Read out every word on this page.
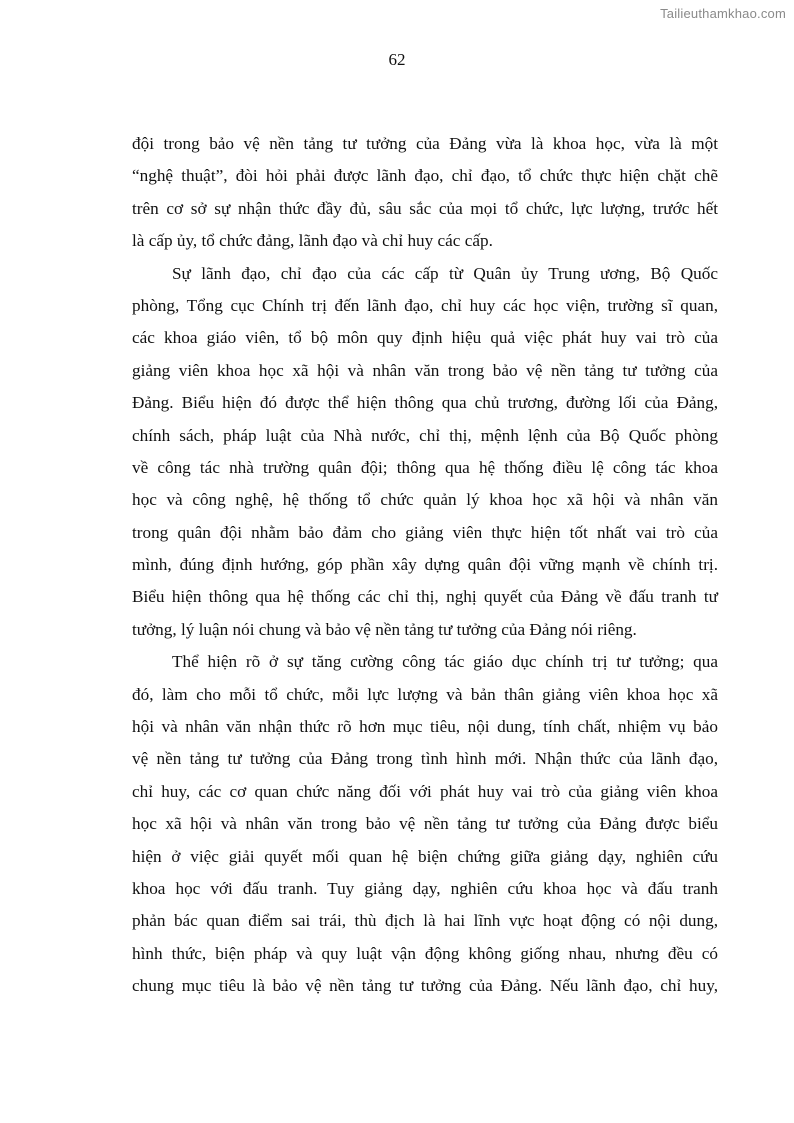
Tailieuthamkhao.com
62
đội trong bảo vệ nền tảng tư tưởng của Đảng vừa là khoa học, vừa là một
“nghệ thuật”, đòi hỏi phải được lãnh đạo, chỉ đạo, tổ chức thực hiện chặt chẽ
trên cơ sở sự nhận thức đầy đủ, sâu sắc của mọi tổ chức, lực lượng, trước hết
là cấp ủy, tổ chức đảng, lãnh đạo và chỉ huy các cấp.
Sự lãnh đạo, chỉ đạo của các cấp từ Quân ủy Trung ương, Bộ Quốc
phòng, Tổng cục Chính trị đến lãnh đạo, chỉ huy các học viện, trường sĩ quan,
các khoa giáo viên, tổ bộ môn quy định hiệu quả việc phát huy vai trò của
giảng viên khoa học xã hội và nhân văn trong bảo vệ nền tảng tư tưởng của
Đảng. Biểu hiện đó được thể hiện thông qua chủ trương, đường lối của Đảng,
chính sách, pháp luật của Nhà nước, chỉ thị, mệnh lệnh của Bộ Quốc phòng
về công tác nhà trường quân đội; thông qua hệ thống điều lệ công tác khoa
học và công nghệ, hệ thống tổ chức quản lý khoa học xã hội và nhân văn
trong quân đội nhằm bảo đảm cho giảng viên thực hiện tốt nhất vai trò của
mình, đúng định hướng, góp phần xây dựng quân đội vững mạnh về chính trị.
Biểu hiện thông qua hệ thống các chỉ thị, nghị quyết của Đảng về đấu tranh tư
tưởng, lý luận nói chung và bảo vệ nền tảng tư tưởng của Đảng nói riêng.
Thể hiện rõ ở sự tăng cường công tác giáo dục chính trị tư tưởng; qua
đó, làm cho mỗi tổ chức, mỗi lực lượng và bản thân giảng viên khoa học xã
hội và nhân văn nhận thức rõ hơn mục tiêu, nội dung, tính chất, nhiệm vụ bảo
vệ nền tảng tư tưởng của Đảng trong tình hình mới. Nhận thức của lãnh đạo,
chỉ huy, các cơ quan chức năng đối với phát huy vai trò của giảng viên khoa
học xã hội và nhân văn trong bảo vệ nền tảng tư tưởng của Đảng được biểu
hiện ở việc giải quyết mối quan hệ biện chứng giữa giảng dạy, nghiên cứu
khoa học với đấu tranh. Tuy giảng dạy, nghiên cứu khoa học và đấu tranh
phản bác quan điểm sai trái, thù địch là hai lĩnh vực hoạt động có nội dung,
hình thức, biện pháp và quy luật vận động không giống nhau, nhưng đều có
chung mục tiêu là bảo vệ nền tảng tư tưởng của Đảng. Nếu lãnh đạo, chỉ huy,
